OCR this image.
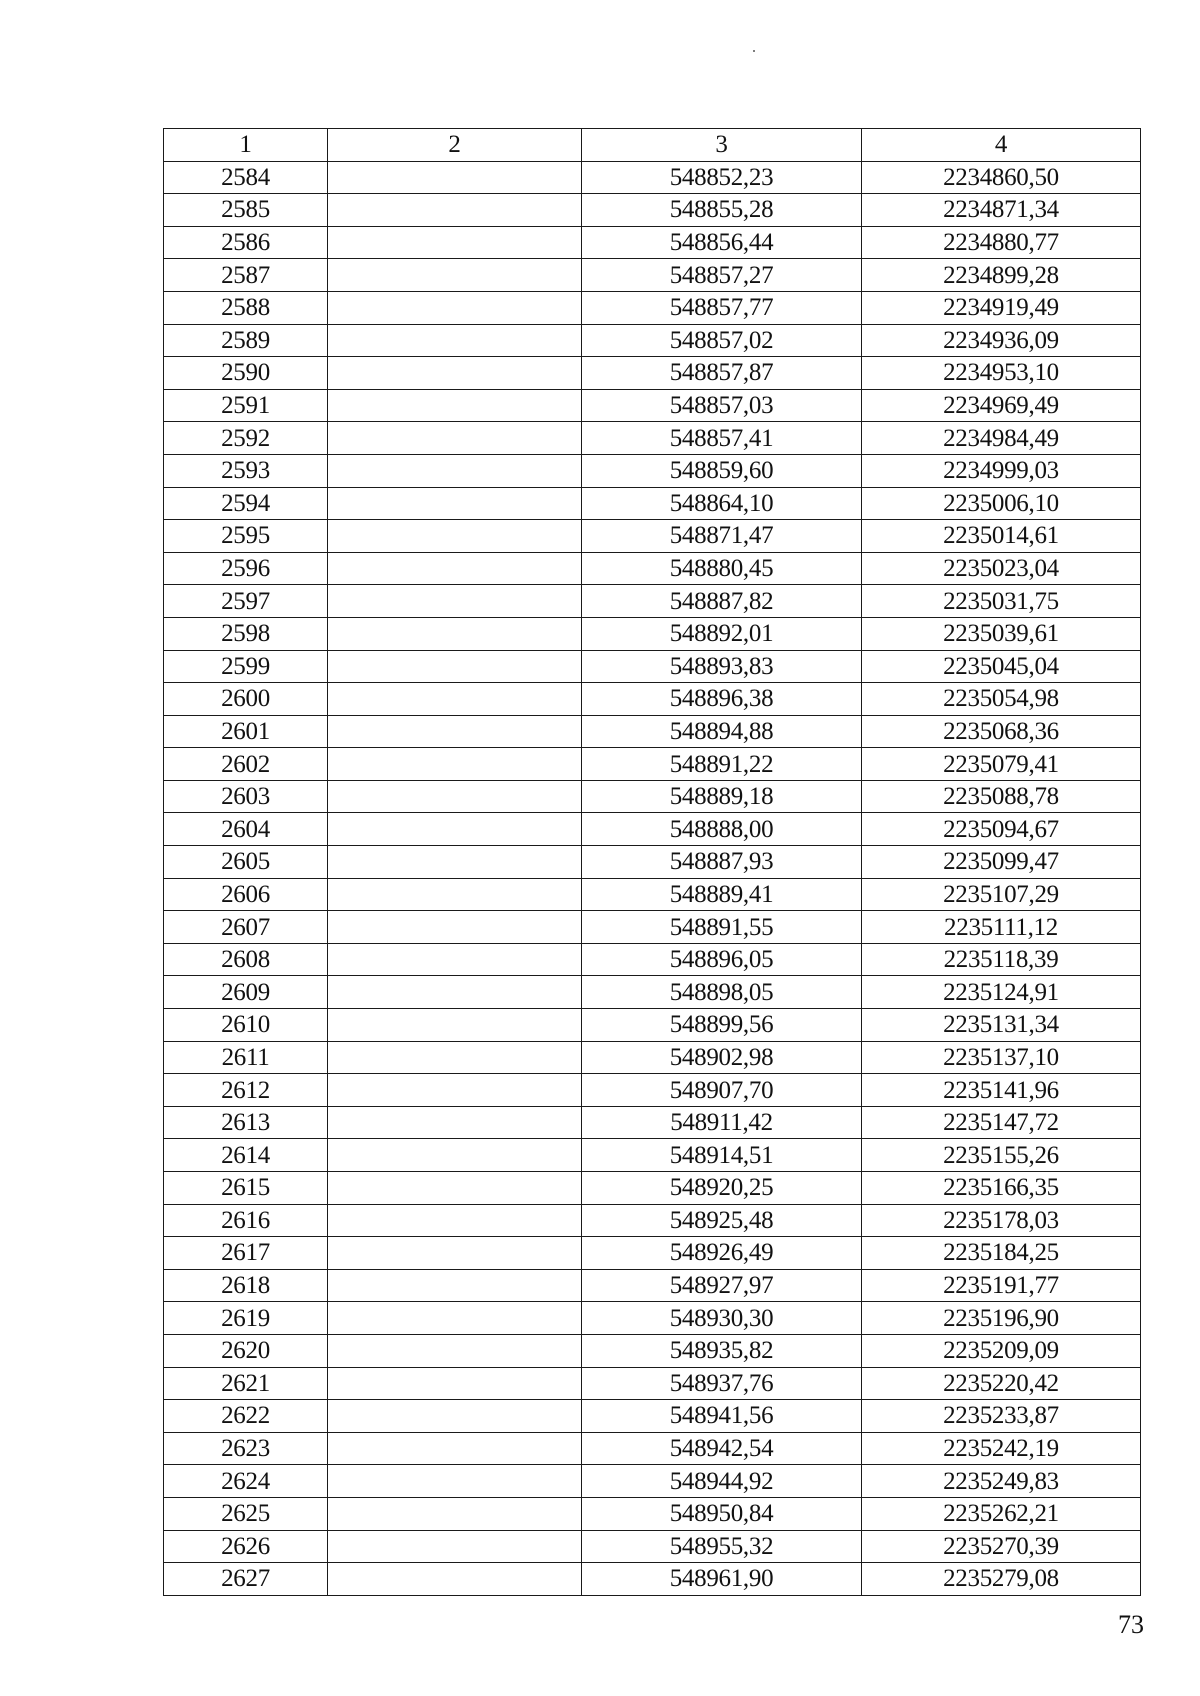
1	2	3	4
2584		548852,23	2234860,50
2585		548855,28	2234871,34
2586		548856,44	2234880,77
2587		548857,27	2234899,28
2588		548857,77	2234919,49
2589		548857,02	2234936,09
2590		548857,87	2234953,10
2591		548857,03	2234969,49
2592		548857,41	2234984,49
2593		548859,60	2234999,03
2594		548864,10	2235006,10
2595		548871,47	2235014,61
2596		548880,45	2235023,04
2597		548887,82	2235031,75
2598		548892,01	2235039,61
2599		548893,83	2235045,04
2600		548896,38	2235054,98
2601		548894,88	2235068,36
2602		548891,22	2235079,41
2603		548889,18	2235088,78
2604		548888,00	2235094,67
2605		548887,93	2235099,47
2606		548889,41	2235107,29
2607		548891,55	2235111,12
2608		548896,05	2235118,39
2609		548898,05	2235124,91
2610		548899,56	2235131,34
2611		548902,98	2235137,10
2612		548907,70	2235141,96
2613		548911,42	2235147,72
2614		548914,51	2235155,26
2615		548920,25	2235166,35
2616		548925,48	2235178,03
2617		548926,49	2235184,25
2618		548927,97	2235191,77
2619		548930,30	2235196,90
2620		548935,82	2235209,09
2621		548937,76	2235220,42
2622		548941,56	2235233,87
2623		548942,54	2235242,19
2624		548944,92	2235249,83
2625		548950,84	2235262,21
2626		548955,32	2235270,39
2627		548961,90	2235279,08
73
